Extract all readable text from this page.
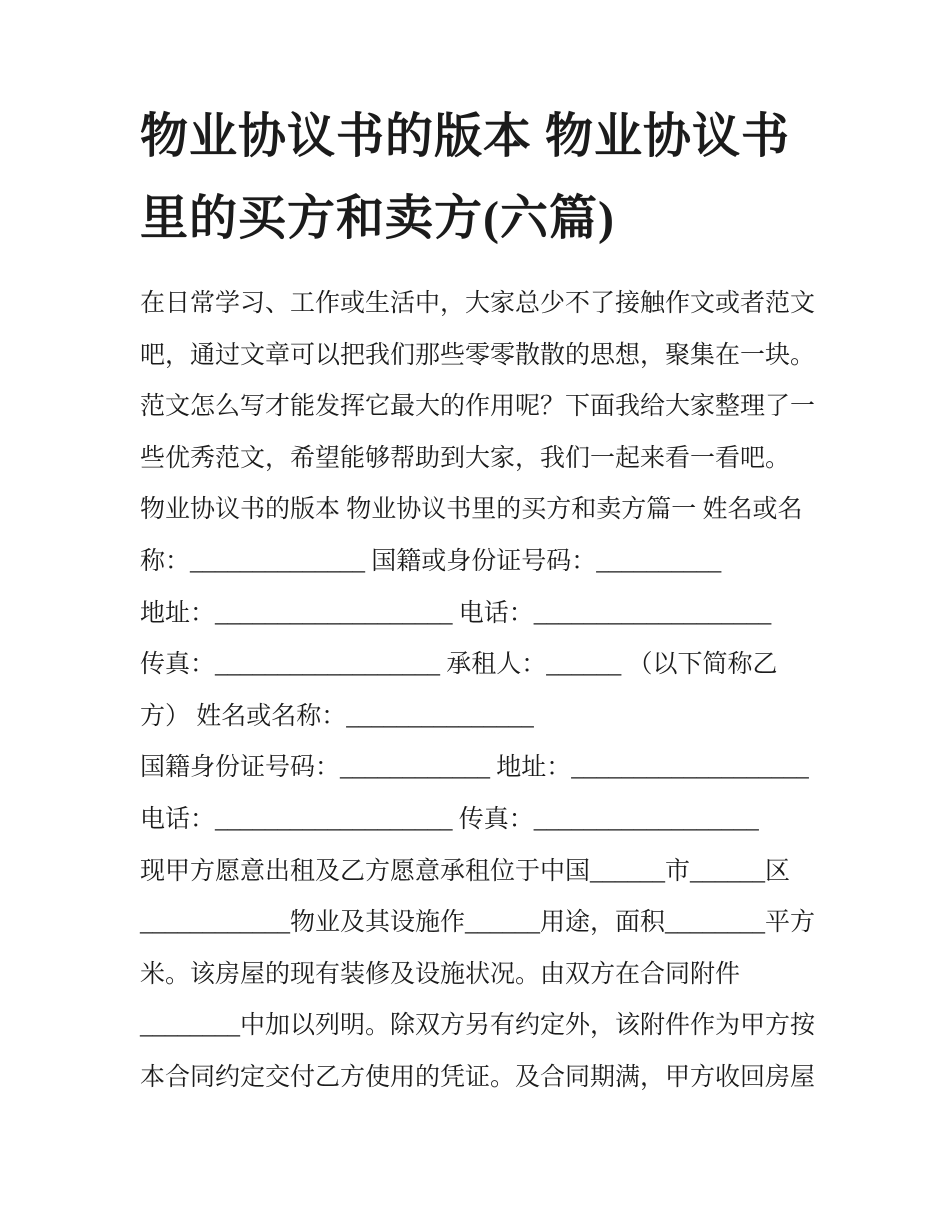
物业协议书的版本 物业协议书
里的买方和卖方(六篇)
在日常学习、工作或生活中，大家总少不了接触作文或者范文
吧，通过文章可以把我们那些零零散散的思想，聚集在一块。
范文怎么写才能发挥它最大的作用呢？下面我给大家整理了一
些优秀范文，希望能够帮助到大家，我们一起来看一看吧。
物业协议书的版本 物业协议书里的买方和卖方篇一 姓名或名
称：______________ 国籍或身份证号码：__________
地址：___________________ 电话：___________________
传真：__________________ 承租人：______ （以下简称乙
方） 姓名或名称：_______________
国籍身份证号码：____________ 地址：___________________
电话：___________________ 传真：__________________
现甲方愿意出租及乙方愿意承租位于中国______市______区
____________物业及其设施作______用途，面积________平方
米。该房屋的现有装修及设施状况。由双方在合同附件
________中加以列明。除双方另有约定外，该附件作为甲方按
本合同约定交付乙方使用的凭证。及合同期满，甲方收回房屋
